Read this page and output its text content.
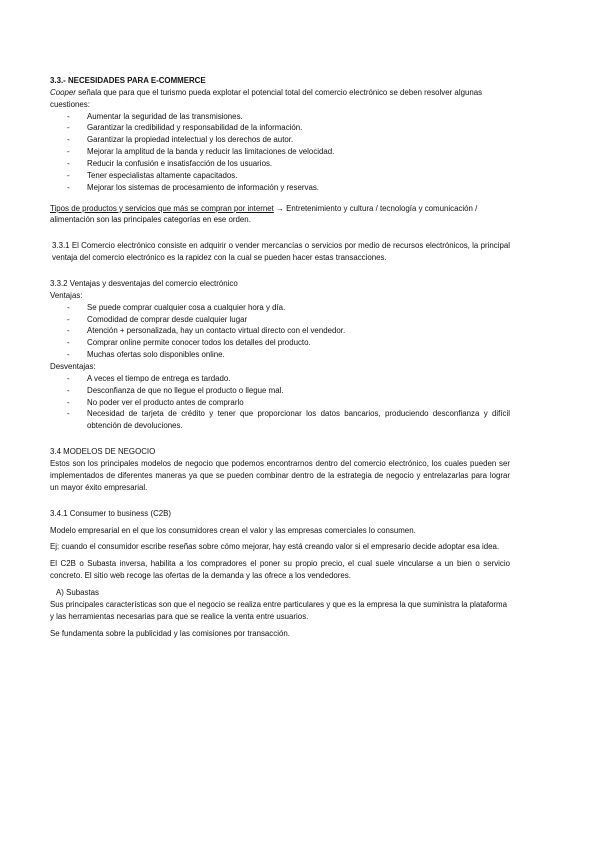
3.3.- NECESIDADES PARA E-COMMERCE

Cooper señala que para que el turismo pueda explotar el potencial total del comercio electrónico se deben resolver algunas cuestiones:

- Aumentar la seguridad de las transmisiones.
- Garantizar la credibilidad y responsabilidad de la información.
- Garantizar la propiedad intelectual y los derechos de autor.
- Mejorar la amplitud de la banda y reducir las limitaciones de velocidad.
- Reducir la confusión e insatisfacción de los usuarios.
- Tener especialistas altamente capacitados.
- Mejorar los sistemas de procesamiento de información y reservas.

Tipos de productos y servicios que más se compran por internet → Entretenimiento y cultura / tecnología y comunicación / alimentación son las principales categorías en ese orden.

3.3.1 El Comercio electrónico consiste en adquirir o vender mercancías o servicios por medio de recursos electrónicos, la principal ventaja del comercio electrónico es la rapidez con la cual se pueden hacer estas transacciones.

3.3.2 Ventajas y desventajas del comercio electrónico

Ventajas:

- Se puede comprar cualquier cosa a cualquier hora y día.
- Comodidad de comprar desde cualquier lugar
- Atención + personalizada, hay un contacto virtual directo con el vendedor.
- Comprar online permite conocer todos los detalles del producto.
- Muchas ofertas solo disponibles online.

Desventajas:

- A veces el tiempo de entrega es tardado.
- Desconfianza de que no llegue el producto o llegue mal.
- No poder ver el producto antes de comprarlo
- Necesidad de tarjeta de crédito y tener que proporcionar los datos bancarios, produciendo desconfianza y difícil obtención de devoluciones.

3.4 MODELOS DE NEGOCIO

Estos son los principales modelos de negocio que podemos encontrarnos dentro del comercio electrónico, los cuales pueden ser implementados de diferentes maneras ya que se pueden combinar dentro de la estrategia de negocio y entrelazarlas para lograr un mayor éxito empresarial.

3.4.1 Consumer to business (C2B)

Modelo empresarial en el que los consumidores crean el valor y las empresas comerciales lo consumen.

Ej: cuando el consumidor escribe reseñas sobre cómo mejorar, hay está creando valor si el empresario decide adoptar esa idea.

El C2B o Subasta inversa, habilita a los compradores el poner su propio precio, el cual suele vincularse a un bien o servicio concreto. El sitio web recoge las ofertas de la demanda y las ofrece a los vendedores.

A) Subastas

Sus principales características son que el negocio se realiza entre particulares y que es la empresa la que suministra la plataforma y las herramientas necesarias para que se realice la venta entre usuarios.

Se fundamenta sobre la publicidad y las comisiones por transacción.
